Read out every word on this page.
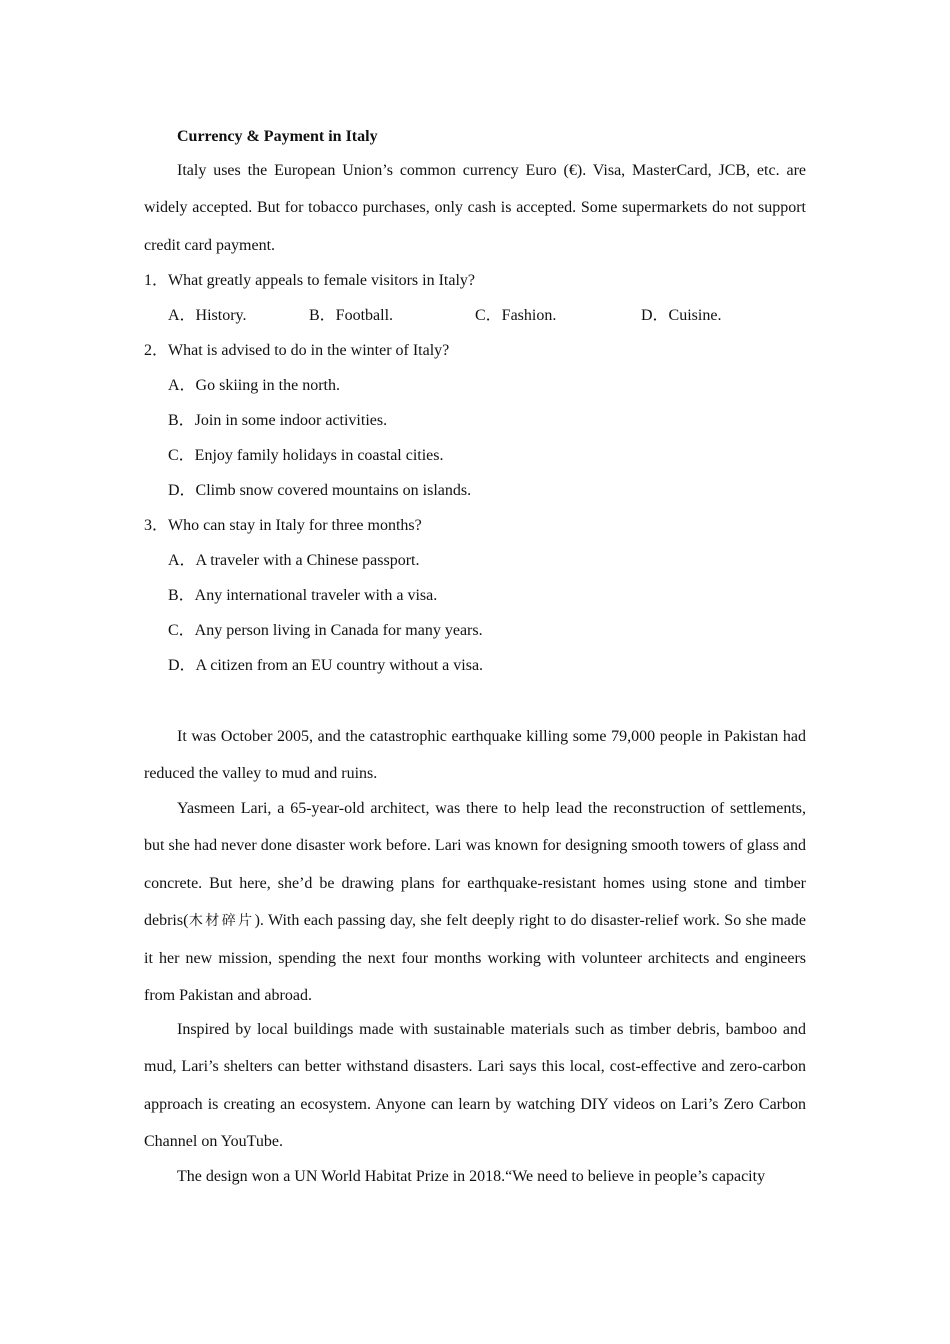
Currency & Payment in Italy

Italy uses the European Union’s common currency Euro (€). Visa, MasterCard, JCB, etc. are widely accepted. But for tobacco purchases, only cash is accepted. Some supermarkets do not support credit card payment.

1．What greatly appeals to female visitors in Italy?
A．History.	B．Football.	C．Fashion.	D．Cuisine.
2．What is advised to do in the winter of Italy?
A．Go skiing in the north.
B．Join in some indoor activities.
C．Enjoy family holidays in coastal cities.
D．Climb snow covered mountains on islands.
3．Who can stay in Italy for three months?
A．A traveler with a Chinese passport.
B．Any international traveler with a visa.
C．Any person living in Canada for many years.
D．A citizen from an EU country without a visa.

It was October 2005, and the catastrophic earthquake killing some 79,000 people in Pakistan had reduced the valley to mud and ruins.

Yasmeen Lari, a 65-year-old architect, was there to help lead the reconstruction of settlements, but she had never done disaster work before. Lari was known for designing smooth towers of glass and concrete. But here, she’d be drawing plans for earthquake-resistant homes using stone and timber debris(木材碎片). With each passing day, she felt deeply right to do disaster-relief work. So she made it her new mission, spending the next four months working with volunteer architects and engineers from Pakistan and abroad.

Inspired by local buildings made with sustainable materials such as timber debris, bamboo and mud, Lari’s shelters can better withstand disasters. Lari says this local, cost-effective and zero-carbon approach is creating an ecosystem. Anyone can learn by watching DIY videos on Lari’s Zero Carbon Channel on YouTube.

The design won a UN World Habitat Prize in 2018.“We need to believe in people’s capacity
